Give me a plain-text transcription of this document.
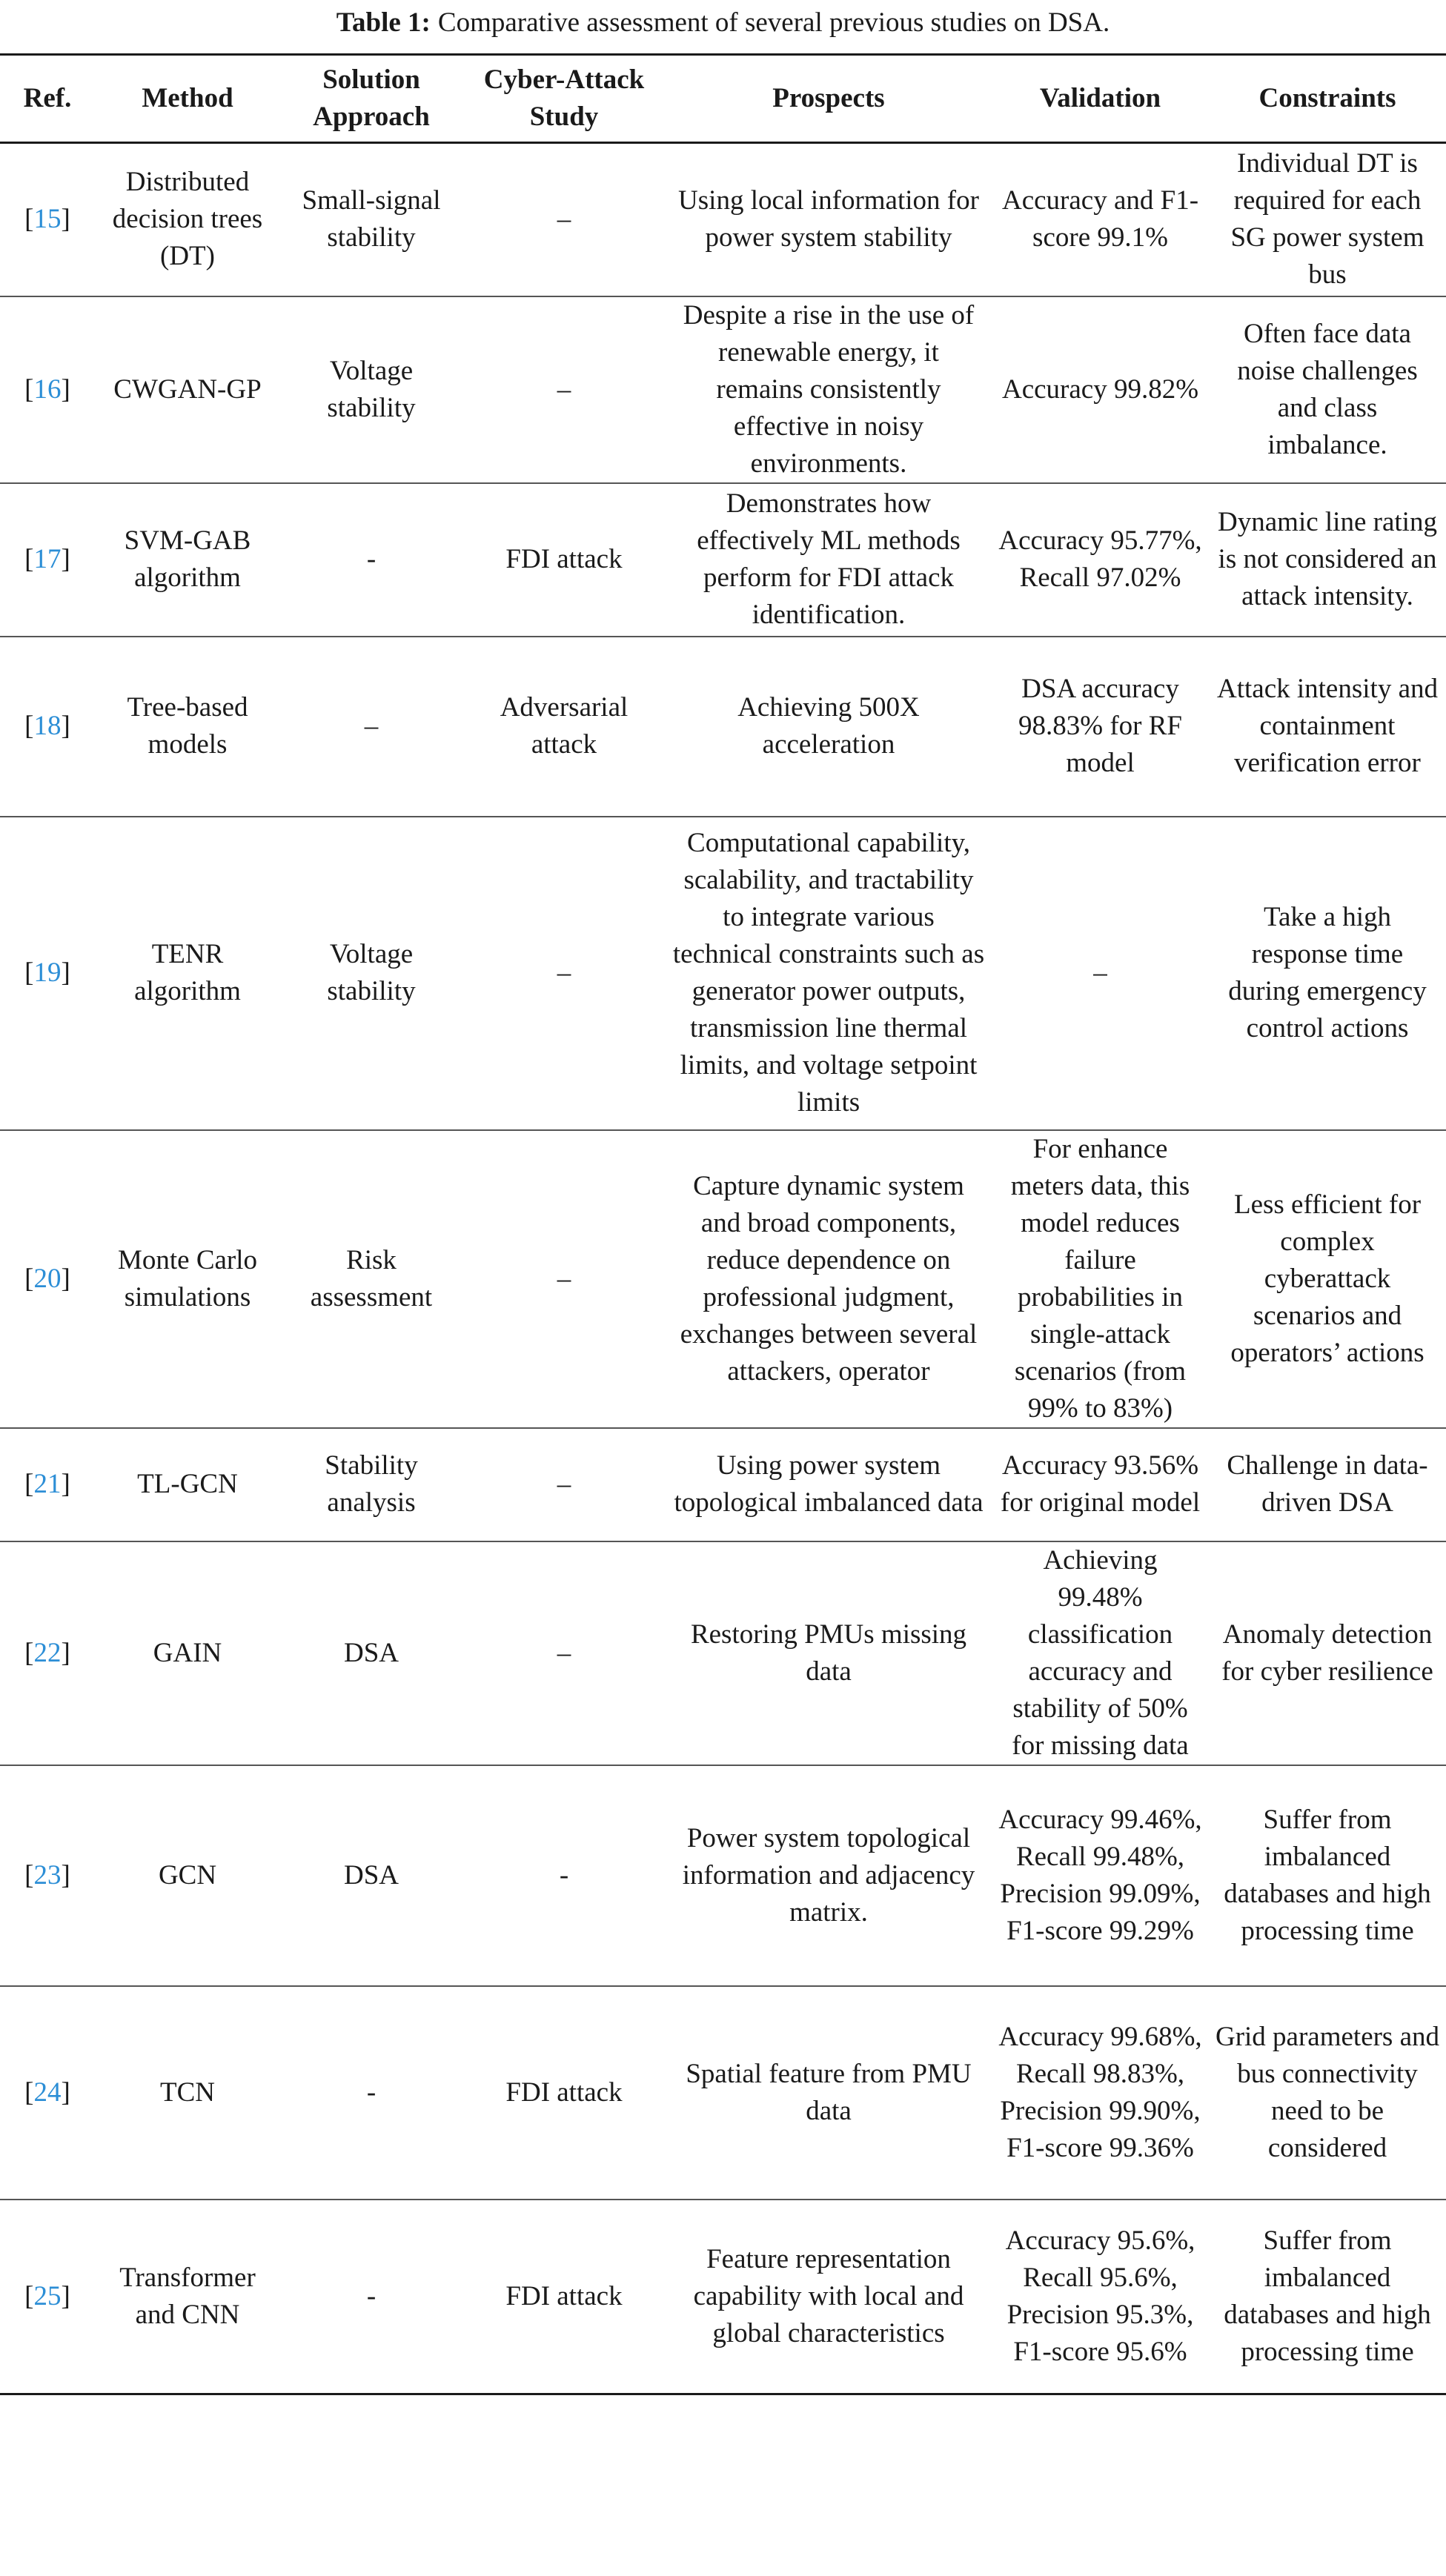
Table 1: Comparative assessment of several previous studies on DSA.
Ref.	Method	Solution Approach	Cyber-Attack Study	Prospects	Validation	Constraints
[15]	Distributed decision trees (DT)	Small-signal stability	–	Using local information for power system stability	Accuracy and F1-score 99.1%	Individual DT is required for each SG power system bus
[16]	CWGAN-GP	Voltage stability	–	Despite a rise in the use of renewable energy, it remains consistently effective in noisy environments.	Accuracy 99.82%	Often face data noise challenges and class imbalance.
[17]	SVM-GAB algorithm	-	FDI attack	Demonstrates how effectively ML methods perform for FDI attack identification.	Accuracy 95.77%, Recall 97.02%	Dynamic line rating is not considered an attack intensity.
[18]	Tree-based models	–	Adversarial attack	Achieving 500X acceleration	DSA accuracy 98.83% for RF model	Attack intensity and containment verification error
[19]	TENR algorithm	Voltage stability	–	Computational capability, scalability, and tractability to integrate various technical constraints such as generator power outputs, transmission line thermal limits, and voltage setpoint limits	–	Take a high response time during emergency control actions
[20]	Monte Carlo simulations	Risk assessment	–	Capture dynamic system and broad components, reduce dependence on professional judgment, exchanges between several attackers, operator	For enhance meters data, this model reduces failure probabilities in single-attack scenarios (from 99% to 83%)	Less efficient for complex cyberattack scenarios and operators’ actions
[21]	TL-GCN	Stability analysis	–	Using power system topological imbalanced data	Accuracy 93.56% for original model	Challenge in data-driven DSA
[22]	GAIN	DSA	–	Restoring PMUs missing data	Achieving 99.48% classification accuracy and stability of 50% for missing data	Anomaly detection for cyber resilience
[23]	GCN	DSA	-	Power system topological information and adjacency matrix.	Accuracy 99.46%, Recall 99.48%, Precision 99.09%, F1-score 99.29%	Suffer from imbalanced databases and high processing time
[24]	TCN	-	FDI attack	Spatial feature from PMU data	Accuracy 99.68%, Recall 98.83%, Precision 99.90%, F1-score 99.36%	Grid parameters and bus connectivity need to be considered
[25]	Transformer and CNN	-	FDI attack	Feature representation capability with local and global characteristics	Accuracy 95.6%, Recall 95.6%, Precision 95.3%, F1-score 95.6%	Suffer from imbalanced databases and high processing time
